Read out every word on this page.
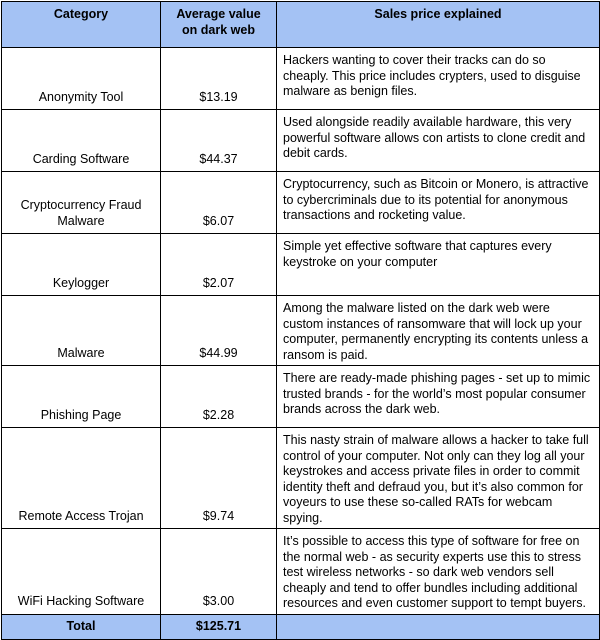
Category	Average value on dark web	Sales price explained
Anonymity Tool	$13.19	Hackers wanting to cover their tracks can do so cheaply. This price includes crypters, used to disguise malware as benign files.
Carding Software	$44.37	Used alongside readily available hardware, this very powerful software allows con artists to clone credit and debit cards.
Cryptocurrency Fraud Malware	$6.07	Cryptocurrency, such as Bitcoin or Monero, is attractive to cybercriminals due to its potential for anonymous transactions and rocketing value.
Keylogger	$2.07	Simple yet effective software that captures every keystroke on your computer
Malware	$44.99	Among the malware listed on the dark web were custom instances of ransomware that will lock up your computer, permanently encrypting its contents unless a ransom is paid.
Phishing Page	$2.28	There are ready-made phishing pages - set up to mimic trusted brands - for the world’s most popular consumer brands across the dark web.
Remote Access Trojan	$9.74	This nasty strain of malware allows a hacker to take full control of your computer. Not only can they log all your keystrokes and access private files in order to commit identity theft and defraud you, but it’s also common for voyeurs to use these so-called RATs for webcam spying.
WiFi Hacking Software	$3.00	It’s possible to access this type of software for free on the normal web - as security experts use this to stress test wireless networks - so dark web vendors sell cheaply and tend to offer bundles including additional resources and even customer support to tempt buyers.
Total	$125.71	
